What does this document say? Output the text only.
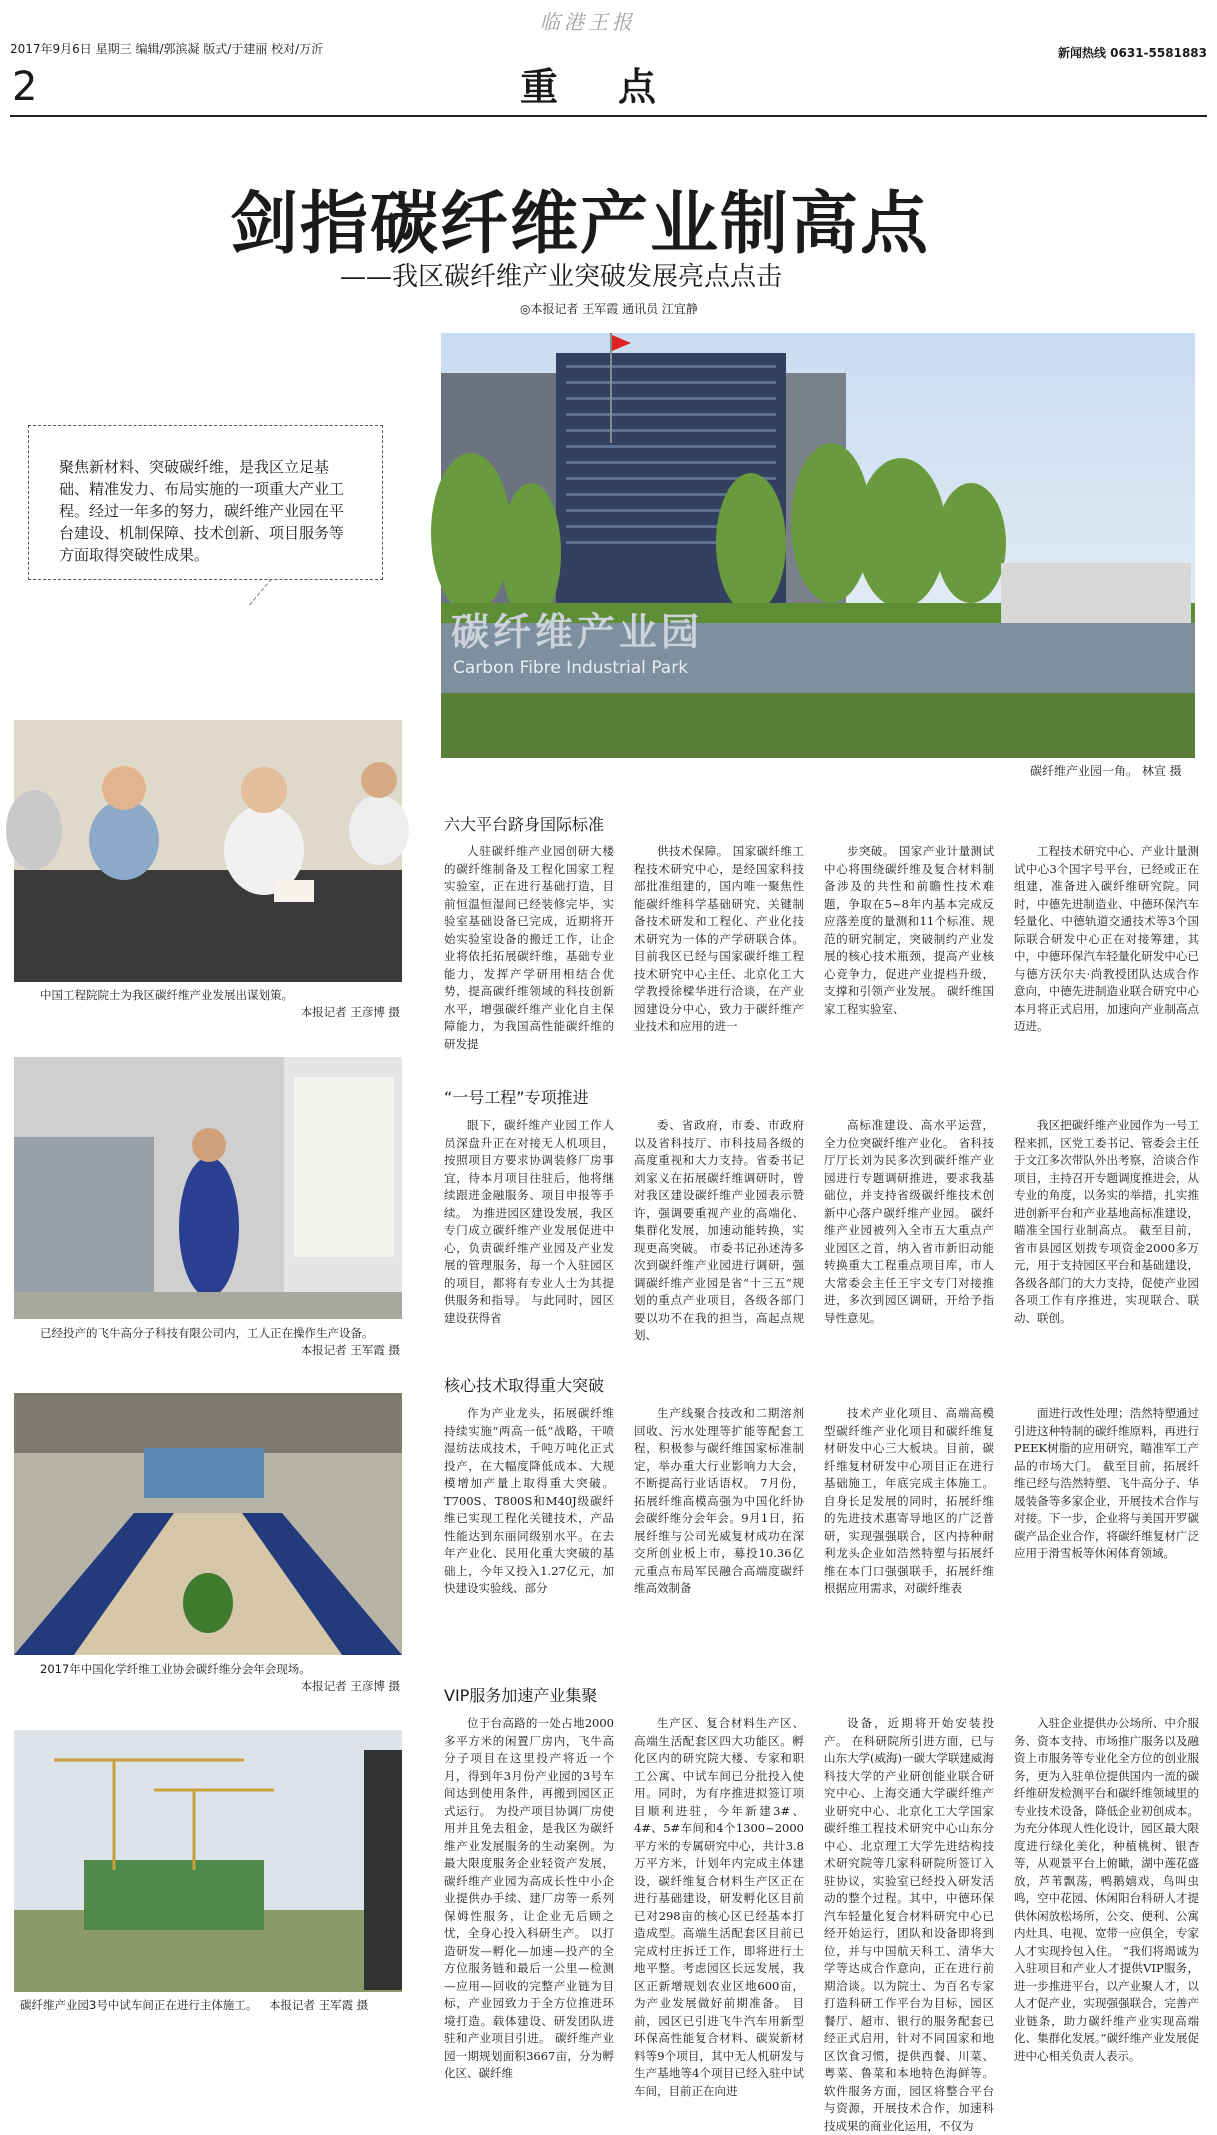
临港王报
2017年9月6日 星期三 编辑/郭滨凝 版式/于建丽 校对/万沂
2	重点
新闻热线 0631-5581883
剑指碳纤维产业制高点
——我区碳纤维产业突破发展亮点点击
◎本报记者 王军霞 通讯员 江宜静
聚焦新材料、突破碳纤维，是我区立足基础、精准发力、布局实施的一项重大产业工程。经过一年多的努力，碳纤维产业园在平台建设、机制保障、技术创新、项目服务等方面取得突破性成果。
碳纤维产业园
Carbon Fibre Industrial Park
碳纤维产业园一角。 林宣 摄
中国工程院院士为我区碳纤维产业发展出谋划策。
本报记者 王彦博 摄
已经投产的飞牛高分子科技有限公司内，工人正在操作生产设备。
本报记者 王军霞 摄
2017年中国化学纤维工业协会碳纤维分会年会现场。
本报记者 王彦博 摄
碳纤维产业园3号中试车间正在进行主体施工。 本报记者 王军霞 摄
六大平台跻身国际标准

人驻碳纤维产业园创研大楼的碳纤维制备及工程化国家工程实验室，正在进行基础打造，目前恒温恒湿间已经装修完毕，实验室基础设备已完成，近期将开始实验室设备的搬迁工作，让企业将依托拓展碳纤维，基础专业能力，发挥产学研用相结合优势，提高碳纤维领域的科技创新水平，增强碳纤维产业化自主保障能力，为我国高性能碳纤维的研发提

供技术保障。 国家碳纤维工程技术研究中心，是经国家科技部批准组建的，国内唯一聚焦性能碳纤维科学基础研究、关键制备技术研发和工程化、产业化技术研究为一体的产学研联合体。目前我区已经与国家碳纤维工程技术研究中心主任、北京化工大学教授徐樑华进行洽谈，在产业园建设分中心，致力于碳纤维产业技术和应用的进一

步突破。 国家产业计量测试中心将围绕碳纤维及复合材料制备涉及的共性和前瞻性技术难题，争取在5~8年内基本完成反应落差度的量测和11个标准、规范的研究制定，突破制约产业发展的核心技术瓶颈，提高产业核心竞争力，促进产业提档升级，支撑和引领产业发展。 碳纤维国家工程实验室、

工程技术研究中心、产业计量测试中心3个国字号平台，已经或正在组建，准备进入碳纤维研究院。同时，中德先进制造业、中德环保汽车轻量化、中德轨道交通技术等3个国际联合研发中心正在对接筹建，其中，中德环保汽车轻量化研发中心已与德方沃尔夫·尚教授团队达成合作意向，中德先进制造业联合研究中心本月将正式启用，加速向产业制高点迈进。

“一号工程”专项推进

眼下，碳纤维产业园工作人员深盘升正在对接无人机项目，按照项目方要求协调装修厂房事宜，待本月项目往驻后，他将继续跟进金融服务、项目申报等手续。 为推进园区建设发展，我区专门成立碳纤维产业发展促进中心，负责碳纤维产业园及产业发展的管理服务，每一个入驻园区的项目，都将有专业人士为其提供服务和指导。 与此同时，园区建设获得省

委、省政府，市委、市政府以及省科技厅、市科技局各级的高度重视和大力支持。省委书记刘家义在拓展碳纤维调研时，曾对我区建设碳纤维产业园表示赞许，强调要重视产业的高端化、集群化发展，加速动能转换，实现更高突破。 市委书记孙述涛多次到碳纤维产业园进行调研，强调碳纤维产业园是省“十三五”规划的重点产业项目，各级各部门要以功不在我的担当，高起点规划、

高标准建设、高水平运营，全力位突碳纤维产业化。 省科技厅厅长刘为民多次到碳纤维产业园进行专题调研推进，要求我基础位，并支持省级碳纤维技术创新中心落户碳纤维产业园。 碳纤维产业园被列入全市五大重点产业园区之首，纳入省市新旧动能转换重大工程重点项目库，市人大常委会主任王宇文专门对接推进，多次到园区调研，开给予指导性意见。

我区把碳纤维产业园作为一号工程来抓，区党工委书记、管委会主任于文江多次带队外出考察，洽谈合作项目，主持召开专题调度推进会，从专业的角度，以务实的举措，扎实推进创新平台和产业基地高标准建设，瞄准全国行业制高点。 截至目前，省市县园区划拨专项资金2000多万元，用于支持园区平台和基础建设，各级各部门的大力支持，促使产业园各项工作有序推进，实现联合、联动、联创。

核心技术取得重大突破

作为产业龙头，拓展碳纤维持续实施“两高一低”战略，干喷湿纺法成技术，千吨万吨化正式投产，在大幅度降低成本、大规模增加产量上取得重大突破。T700S、T800S和M40J级碳纤维已实现工程化关键技术，产品性能达到东丽同级别水平。在去年产业化、民用化重大突破的基础上，今年又投入1.27亿元，加快建设实验线、部分

生产线聚合技改和二期溶剂回收、污水处理等扩能等配套工程，积极参与碳纤维国家标准制定，举办重大行业影响力大会，不断提高行业话语权。 7月份，拓展纤维高模高强为中国化纤协会碳纤维分会年会。9月1日，拓展纤维与公司光威复材成功在深交所创业板上市，募投10.36亿元重点布局军民融合高端度碳纤维高效制备

技术产业化项目、高端高模型碳纤维产业化项目和碳纤维复材研发中心三大板块。目前，碳纤维复材研发中心项目正在进行基础施工，年底完成主体施工。 自身长足发展的同时，拓展纤维的先进技术惠寄导地区的广泛普研，实现强强联合，区内持种耐利龙头企业如浩然特塑与拓展纤维在本门口强强联手，拓展纤维根据应用需求，对碳纤维表

面进行改性处理；浩然特塑通过引进这种特制的碳纤维原料，再进行PEEK树脂的应用研究，瞄准军工产品的市场大门。 截至目前，拓展纤维已经与浩然特塑、飞牛高分子、华晟装备等多家企业，开展技术合作与对接。下一步，企业将与美国开罗碳碳产品企业合作，将碳纤维复材广泛应用于滑雪板等休闲体育领域。

VIP服务加速产业集聚

位于台高路的一处占地2000多平方米的闲置厂房内，飞牛高分子项目在这里投产将近一个月，得到年3月份产业园的3号车间达到使用条件，再搬到园区正式运行。 为投产项目协调厂房使用并且免去租金，是我区为碳纤维产业发展服务的生动案例。为最大限度服务企业轻资产发展，碳纤维产业园为高成长性中小企业提供办手续、建厂房等一系列保姆性服务，让企业无后顾之忧，全身心投入科研生产。 以打造研发—孵化—加速—投产的全方位服务链和最后一公里—检测—应用—回收的完整产业链为目标，产业园致力于全方位推进环境打造。载体建设、研发团队进驻和产业项目引进。 碳纤维产业园一期规划面积3667亩，分为孵化区、碳纤维

生产区、复合材料生产区、高端生活配套区四大功能区。孵化区内的研究院大楼、专家和职工公寓、中试车间已分批投入使用。同时，为有序推进拟签订项目顺利进驻，今年新建3#、4#、5#车间和4个1300~2000平方米的专属研究中心，共计3.8万平方米，计划年内完成主体建设，碳纤维复合材料生产区正在进行基础建设，研发孵化区目前已对298亩的核心区已经基本打造成型。高端生活配套区目前已完成村庄拆迁工作，即将进行土地平整。考虑园区长远发展，我区正新增规划农业区地600亩，为产业发展做好前期准备。 目前，园区已引进飞牛汽车用新型环保高性能复合材料、碳炭新材料等9个项目，其中无人机研发与生产基地等4个项目已经入驻中试车间，目前正在向进

设备，近期将开始安装投产。 在科研院所引进方面，已与山东大学(威海)一碳大学联建威海科技大学的产业研创能业联合研究中心、上海交通大学碳纤维产业研究中心、北京化工大学国家碳纤维工程技术研究中心山东分中心、北京理工大学先进结构技术研究院等几家科研院所签订入驻协议，实验室已经投入研发活动的整个过程。其中，中德环保汽车轻量化复合材料研究中心已经开始运行，团队和设备即将到位，并与中国航天科工、清华大学等达成合作意向，正在进行前期洽谈。以为院士、为百名专家打造科研工作平台为目标，园区餐厅、超市、银行的服务配套已经正式启用，针对不同国家和地区饮食习惯，提供西餐、川菜、粤菜、鲁菜和本地特色海鲜等。 软件服务方面，园区将整合平台与资源，开展技术合作，加速科技成果的商业化运用，不仅为

入驻企业提供办公场所、中介服务、资本支持、市场推广服务以及融资上市服务等专业化全方位的创业服务，更为入驻单位提供国内一流的碳纤维研发检测平台和碳纤维领域里的专业技术设备，降低企业初创成本。 为充分体现人性化设计，园区最大限度进行绿化美化，种植桃树、银杏等，从观景平台上俯瞰，湖中莲花盛放，芦苇飘荡，鸭鹅嬉戏，鸟叫虫鸣，空中花园、休闲阳台科研人才提供休闲放松场所，公交、便利、公寓内灶具、电视、宽带一应俱全，专家人才实现拎包入住。 “我们将竭诚为入驻项目和产业人才提供VIP服务，进一步推进平台，以产业聚人才，以人才促产业，实现强强联合，完善产业链条，助力碳纤维产业实现高端化、集群化发展。”碳纤维产业发展促进中心相关负责人表示。
